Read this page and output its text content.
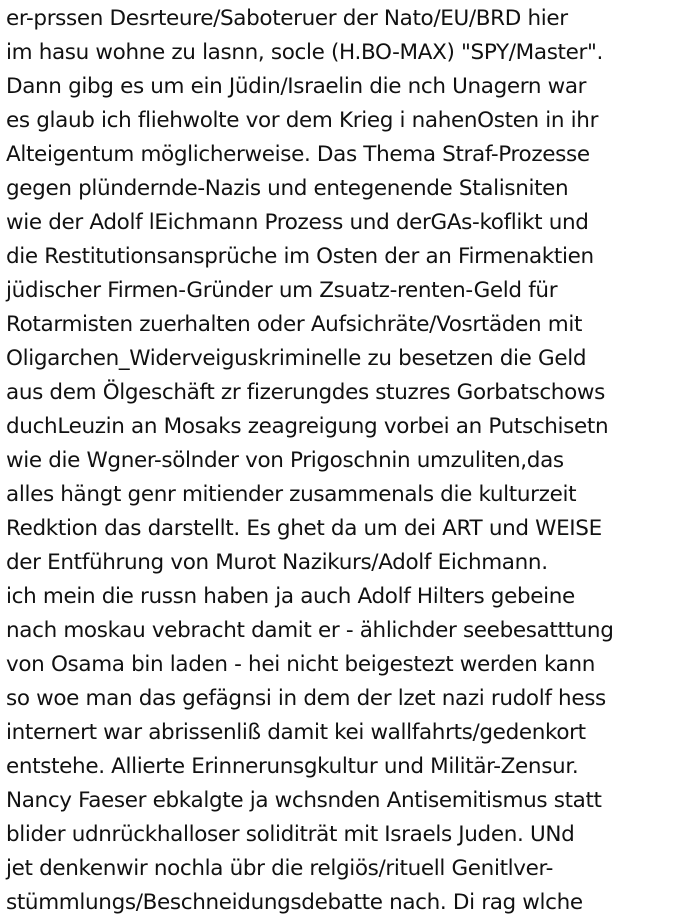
er-prssen Desrteure/Saboteruer der Nato/EU/BRD hier

im hasu wohne zu lasnn, socle (H.BO-MAX) "SPY/Master".

Dann gibg es um ein Jüdin/Israelin die nch Unagern war

es glaub ich fliehwolte vor dem Krieg i nahenOsten in ihr

Alteigentum möglicherweise. Das Thema Straf-Prozesse

gegen plündernde-Nazis und entegenende Stalisniten

wie der Adolf lEichmann Prozess und derGAs-koflikt und

die Restitutionsansprüche im Osten der an Firmenaktien

jüdischer Firmen-Gründer um Zsuatz-renten-Geld für

Rotarmisten zuerhalten oder Aufsichräte/Vosrtäden mit

Oligarchen_Widerveiguskriminelle zu besetzen die Geld

aus dem Ölgeschäft zr fizerungdes stuzres Gorbatschows

duchLeuzin an Mosaks zeagreigung vorbei an Putschisetn

wie die Wgner-sölnder von Prigoschnin umzuliten,das

alles hängt genr mitiender zusammenals die kulturzeit

Redktion das darstellt. Es ghet da um dei ART und WEISE

der Entführung von Murot Nazikurs/Adolf Eichmann.

ich mein die russn haben ja auch Adolf Hilters gebeine

nach moskau vebracht damit er - ählichder seebesatttung

von Osama bin laden - hei nicht beigestezt werden kann

so woe man das gefägnsi in dem der lzet nazi rudolf hess

internert war abrissenliß damit kei wallfahrts/gedenkort

entstehe. Allierte Erinnerunsgkultur und Militär-Zensur.

Nancy Faeser ebkalgte ja wchsnden Antisemitismus statt

blider udnrückhalloser soliditrät mit Israels Juden. UNd

jet denkenwir nochla übr die relgiös/rituell Genitlver-

stümmlungs/Beschneidungsdebatte nach. Di rag wlche
